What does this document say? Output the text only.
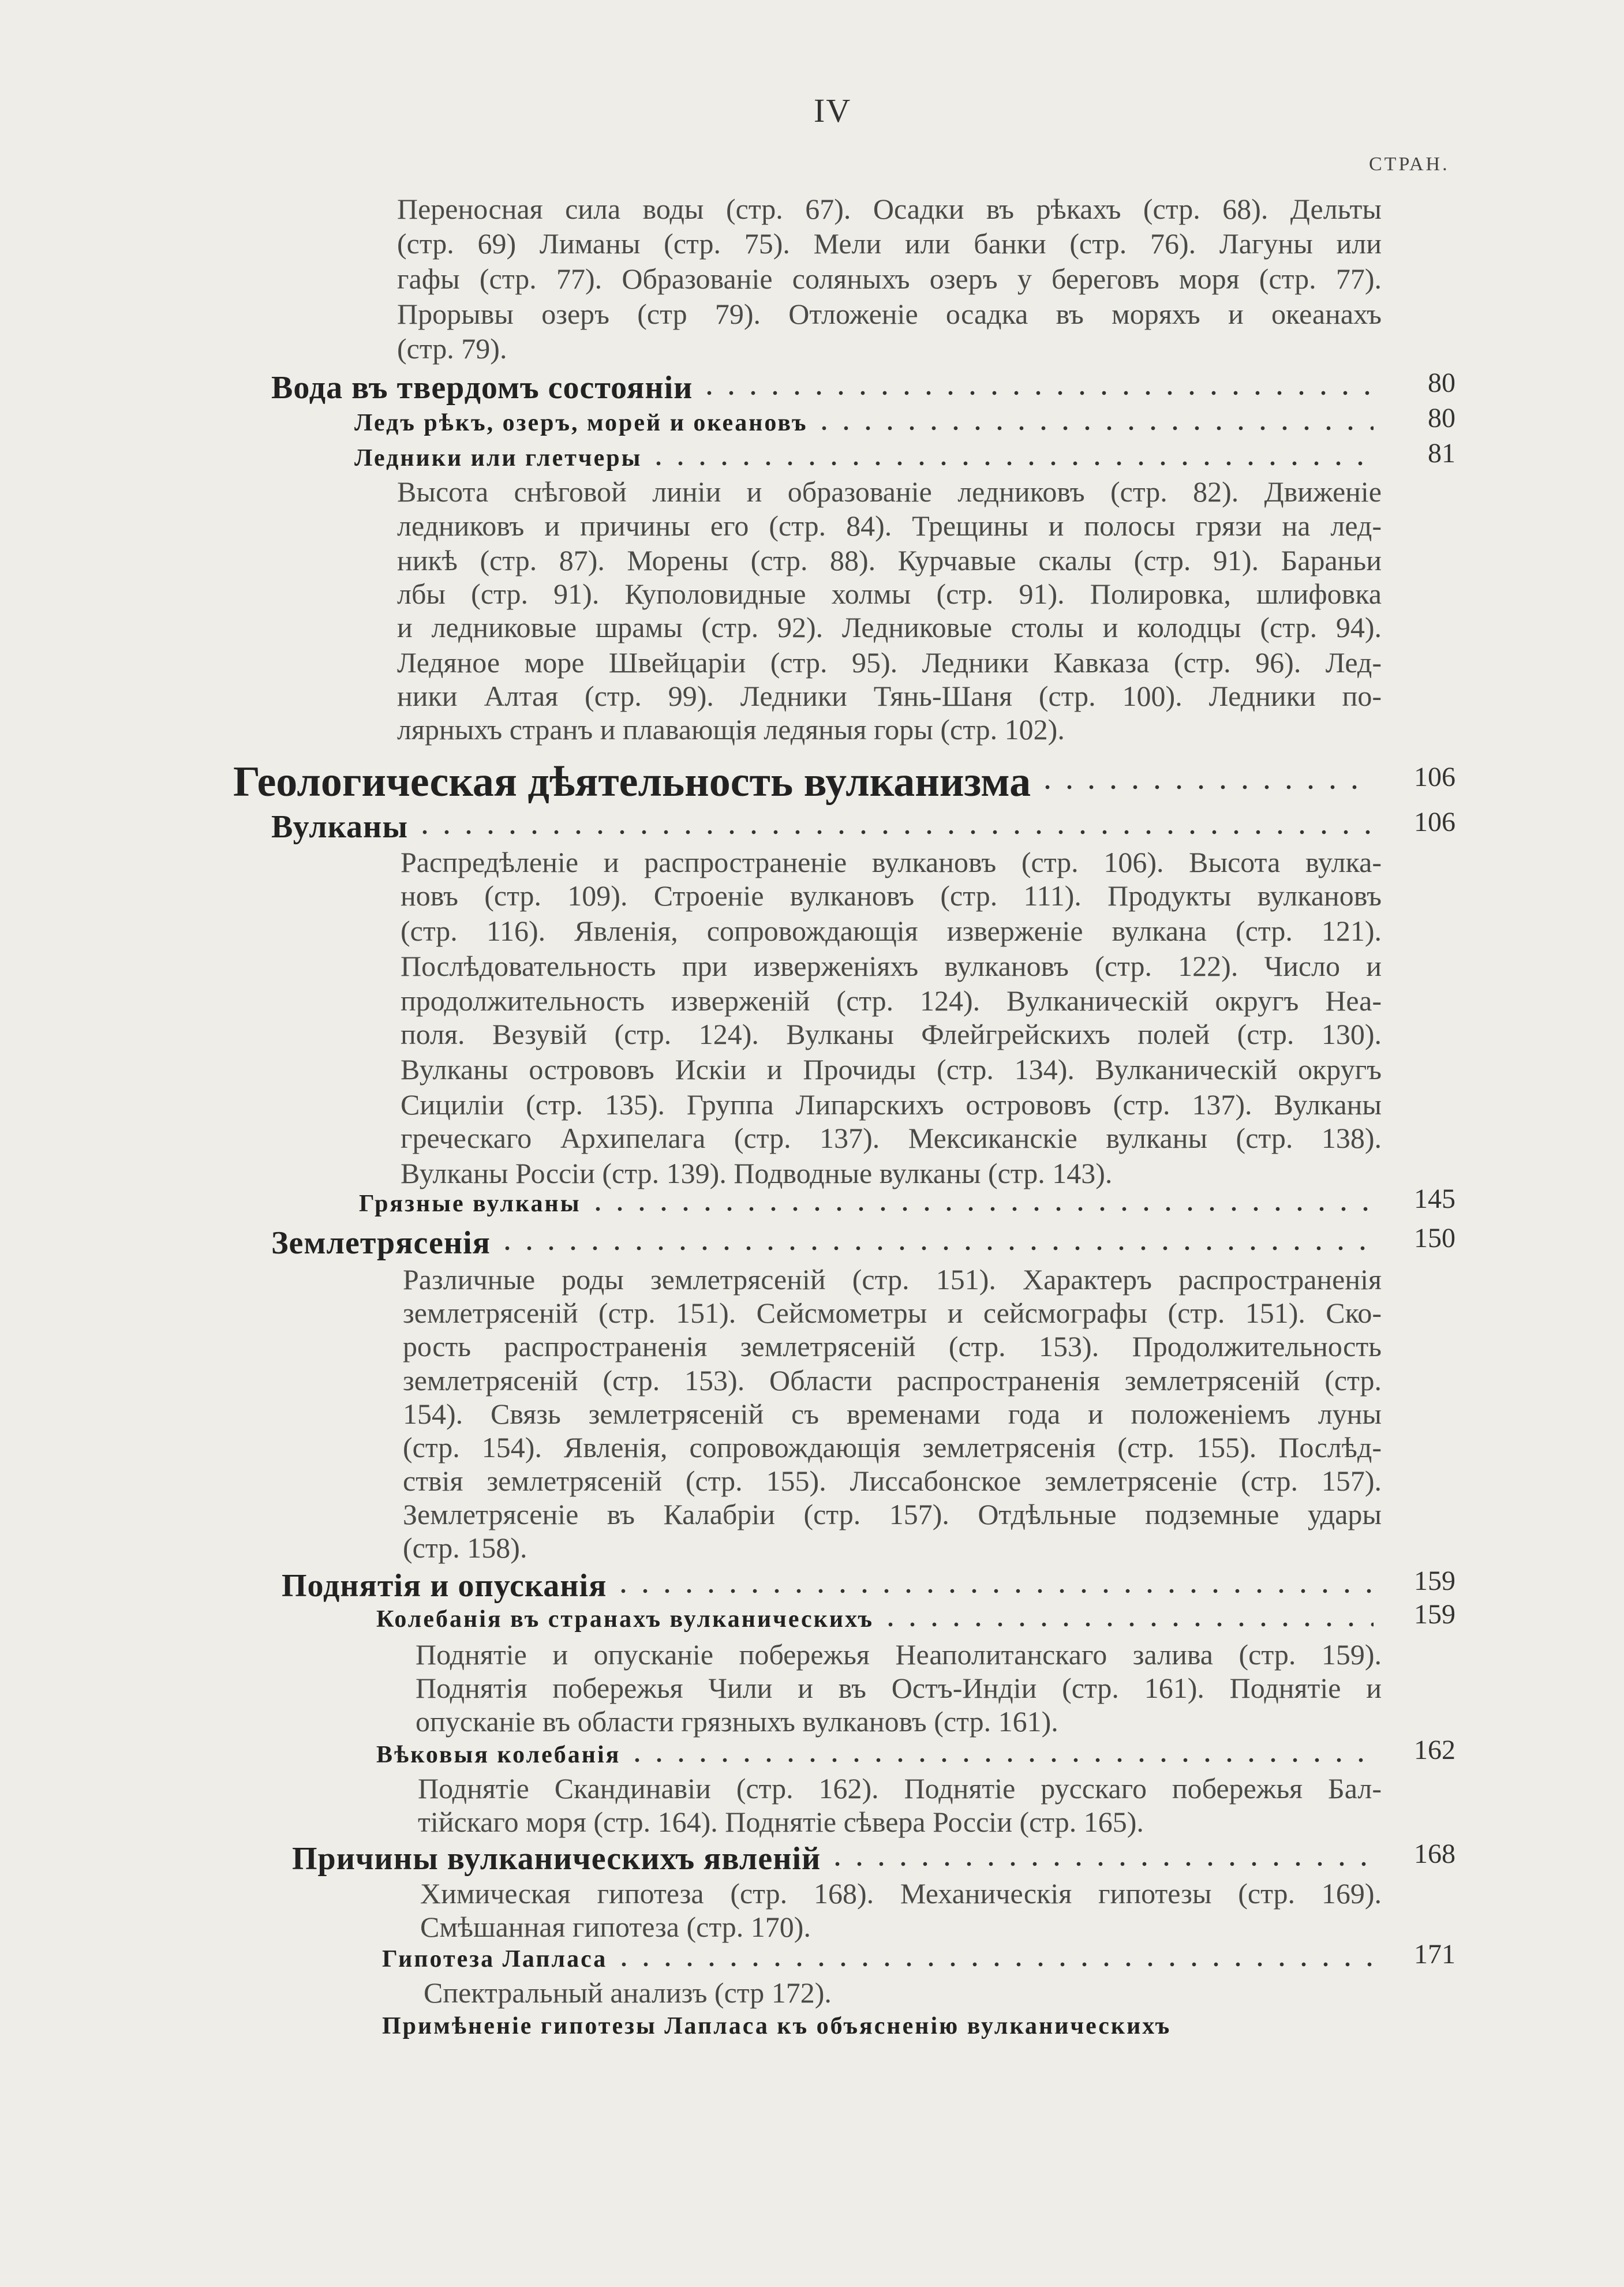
IV
СТРАН.
Переносная сила воды (стр. 67). Осадки въ рѣкахъ (стр. 68). Дельты
(стр. 69) Лиманы (стр. 75). Мели или банки (стр. 76). Лагуны или
гафы (стр. 77). Образованіе соляныхъ озеръ у береговъ моря (стр. 77).
Прорывы озеръ (стр 79). Отложеніе осадка въ моряхъ и океанахъ
(стр. 79).
80
Вода въ твердомъ состояніи
80
Ледъ рѣкъ, озеръ, морей и океановъ
81
Ледники или глетчеры
Высота снѣговой линіи и образованіе ледниковъ (стр. 82). Движеніе
ледниковъ и причины его (стр. 84). Трещины и полосы грязи на лед-
никѣ (стр. 87). Морены (стр. 88). Курчавые скалы (стр. 91). Бараньи
лбы (стр. 91). Куполовидные холмы (стр. 91). Полировка, шлифовка
и ледниковые шрамы (стр. 92). Ледниковые столы и колодцы (стр. 94).
Ледяное море Швейцаріи (стр. 95). Ледники Кавказа (стр. 96). Лед-
ники Алтая (стр. 99). Ледники Тянь-Шаня (стр. 100). Ледники по-
лярныхъ странъ и плавающія ледяныя горы (стр. 102).
106
Геологическая дѣятельность вулканизма
106
Вулканы
Распредѣленіе и распространеніе вулкановъ (стр. 106). Высота вулка-
новъ (стр. 109). Строеніе вулкановъ (стр. 111). Продукты вулкановъ
(стр. 116). Явленія, сопровождающія изверженіе вулкана (стр. 121).
Послѣдовательность при изверженіяхъ вулкановъ (стр. 122). Число и
продолжительность изверженій (стр. 124). Вулканическій округъ Неа-
поля. Везувій (стр. 124). Вулканы Флейгрейскихъ полей (стр. 130).
Вулканы острововъ Искіи и Прочиды (стр. 134). Вулканическій округъ
Сициліи (стр. 135). Группа Липарскихъ острововъ (стр. 137). Вулканы
греческаго Архипелага (стр. 137). Мексиканскіе вулканы (стр. 138).
Вулканы Россіи (стр. 139). Подводные вулканы (стр. 143).
145
Грязные вулканы
150
Землетрясенія
Различные роды землетрясеній (стр. 151). Характеръ распространенія
землетрясеній (стр. 151). Сейсмометры и сейсмографы (стр. 151). Ско-
рость распространенія землетрясеній (стр. 153). Продолжительность
землетрясеній (стр. 153). Области распространенія землетрясеній (стр.
154). Связь землетрясеній съ временами года и положеніемъ луны
(стр. 154). Явленія, сопровождающія землетрясенія (стр. 155). Послѣд-
ствія землетрясеній (стр. 155). Лиссабонское землетрясеніе (стр. 157).
Землетрясеніе въ Калабріи (стр. 157). Отдѣльные подземные удары
(стр. 158).
159
Поднятія и опусканія
159
Колебанія въ странахъ вулканическихъ
Поднятіе и опусканіе побережья Неаполитанскаго залива (стр. 159).
Поднятія побережья Чили и въ Остъ-Индіи (стр. 161). Поднятіе и
опусканіе въ области грязныхъ вулкановъ (стр. 161).
162
Вѣковыя колебанія
Поднятіе Скандинавіи (стр. 162). Поднятіе русскаго побережья Бал-
тійскаго моря (стр. 164). Поднятіе сѣвера Россіи (стр. 165).
168
Причины вулканическихъ явленій
Химическая гипотеза (стр. 168). Механическія гипотезы (стр. 169).
Смѣшанная гипотеза (стр. 170).
171
Гипотеза Лапласа
Спектральный анализъ (стр 172).
Примѣненіе гипотезы Лапласа къ объясненію вулканическихъ
